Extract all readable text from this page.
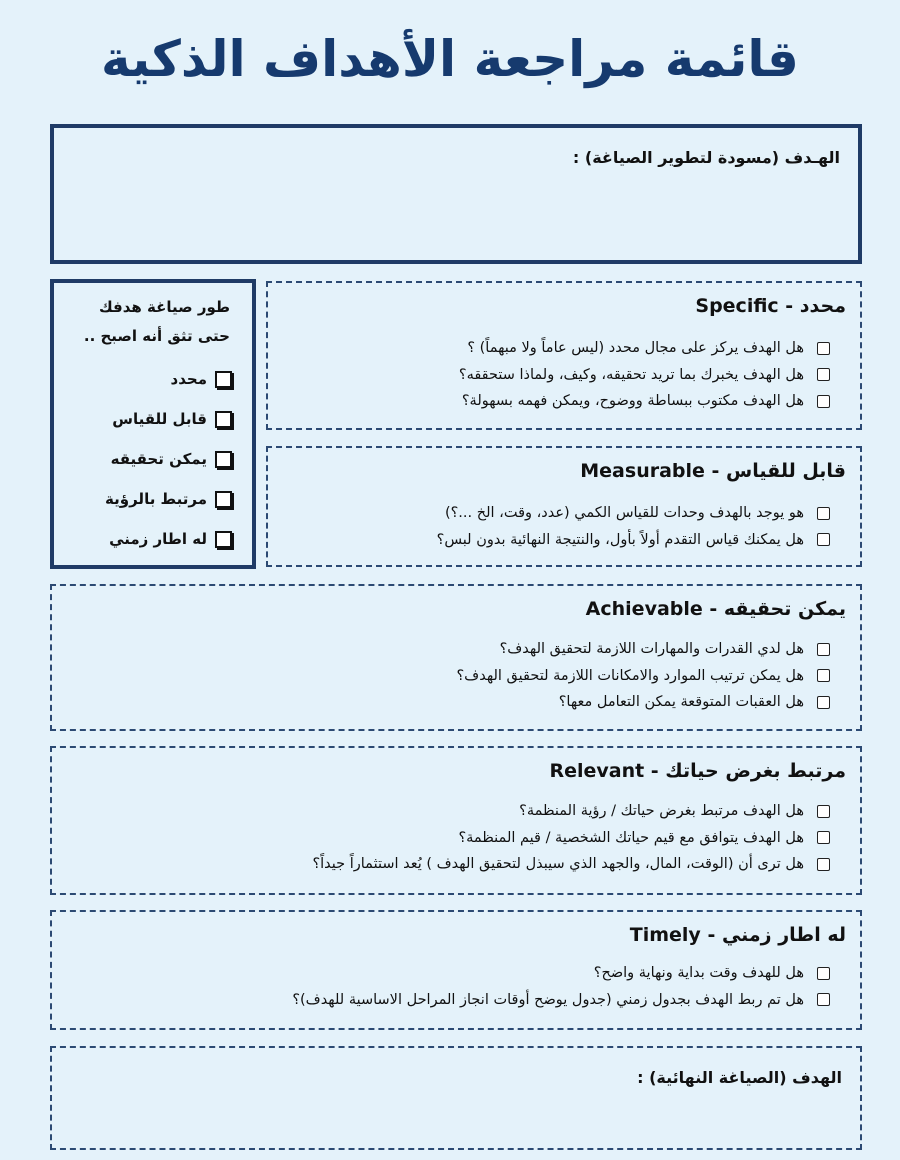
قائمة مراجعة الأهداف الذكية
الهـدف (مسودة لتطوير الصياغة) :
طور صياغة هدفك
حتى تثق أنه اصبح ..
محدد
قابل للقياس
يمكن تحقيقه
مرتبط بالرؤية
له اطار زمني
محدد - Specific
هل الهدف يركز على مجال محدد (ليس عاماً ولا مبهماً) ؟
هل الهدف يخبرك بما تريد تحقيقه، وكيف، ولماذا ستحققه؟
هل الهدف مكتوب ببساطة ووضوح، ويمكن فهمه بسهولة؟
قابل للقياس - Measurable
هو يوجد بالهدف وحدات للقياس الكمي (عدد، وقت، الخ ...؟)
هل يمكنك قياس التقدم أولاً بأول، والنتيجة النهائية بدون لبس؟
يمكن تحقيقه - Achievable
هل لدي القدرات والمهارات اللازمة لتحقيق الهدف؟
هل يمكن ترتيب الموارد والامكانات اللازمة لتحقيق الهدف؟
هل العقبات المتوقعة يمكن التعامل معها؟
مرتبط بغرض حياتك - Relevant
هل الهدف مرتبط بغرض حياتك / رؤية المنظمة؟
هل الهدف يتوافق مع قيم حياتك الشخصية / قيم المنظمة؟
هل ترى أن (الوقت، المال، والجهد الذي سيبذل لتحقيق الهدف ) يُعد استثماراً جيداً؟
له اطار زمني - Timely
هل للهدف وقت بداية ونهاية واضح؟
هل تم ربط الهدف بجدول زمني (جدول يوضح أوقات انجاز المراحل الاساسية للهدف)؟
الهدف (الصياغة النهائية) :
